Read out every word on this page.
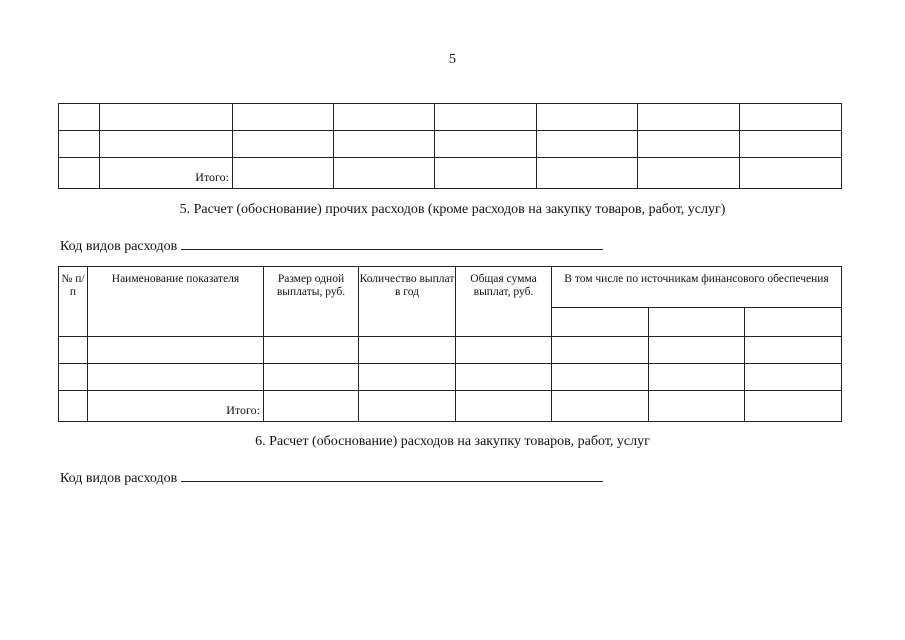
5

	Итого:						
5. Расчет (обоснование) прочих расходов (кроме расходов на закупку товаров, работ, услуг)
Код видов расходов
№ п/п	Наименование показателя	Размер одной выплаты, руб.	Количество выплат в год	Общая сумма выплат, руб.	В том числе по источникам финансового обеспечения		

	Итого:						
6. Расчет (обоснование) расходов на закупку товаров, работ, услуг
Код видов расходов
